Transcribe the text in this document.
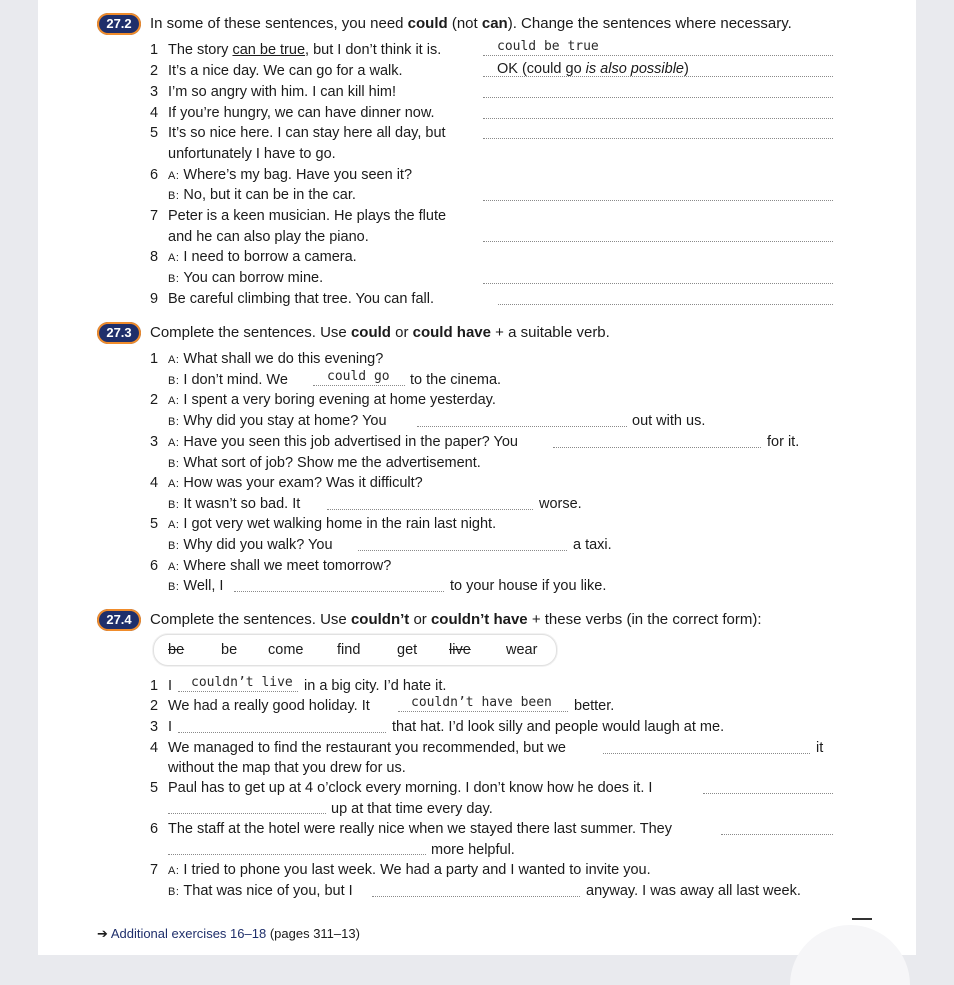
27.2	In some of these sentences, you need could (not can). Change the sentences where necessary.
1 The story can be true, but I don’t think it is.	could be true
2 It’s a nice day. We can go for a walk.	OK (could go is also possible)
3 I’m so angry with him. I can kill him!
4 If you’re hungry, we can have dinner now.
5 It’s so nice here. I can stay here all day, but
unfortunately I have to go.
6 A: Where’s my bag. Have you seen it?
B: No, but it can be in the car.
7 Peter is a keen musician. He plays the flute
and he can also play the piano.
8 A: I need to borrow a camera.
B: You can borrow mine.
9 Be careful climbing that tree. You can fall.
27.3	Complete the sentences. Use could or could have + a suitable verb.
1 A: What shall we do this evening?
B: I don’t mind. We	could go to the cinema.
2 A: I spent a very boring evening at home yesterday.
B: Why did you stay at home? You	out with us.
3 A: Have you seen this job advertised in the paper? You	for it.
B: What sort of job? Show me the advertisement.
4 A: How was your exam? Was it difficult?
B: It wasn’t so bad. It	worse.
5 A: I got very wet walking home in the rain last night.
B: Why did you walk? You	a taxi.
6 A: Where shall we meet tomorrow?
B: Well, I	to your house if you like.
27.4	Complete the sentences. Use couldn’t or couldn’t have + these verbs (in the correct form):
be	be come find	get live wear
1 I couldn’t live in a big city. I’d hate it.
2 We had a really good holiday. It	couldn’t have been better.
3 I	that hat. I’d look silly and people would laugh at me.
4 We managed to find the restaurant you recommended, but we	it
without the map that you drew for us.
5 Paul has to get up at 4 o’clock every morning. I don’t know how he does it. I
up at that time every day.
6 The staff at the hotel were really nice when we stayed there last summer. They
more helpful.
7 A: I tried to phone you last week. We had a party and I wanted to invite you.
B: That was nice of you, but I	anyway. I was away all last week.
➔ Additional exercises 16–18 (pages 311–13)
